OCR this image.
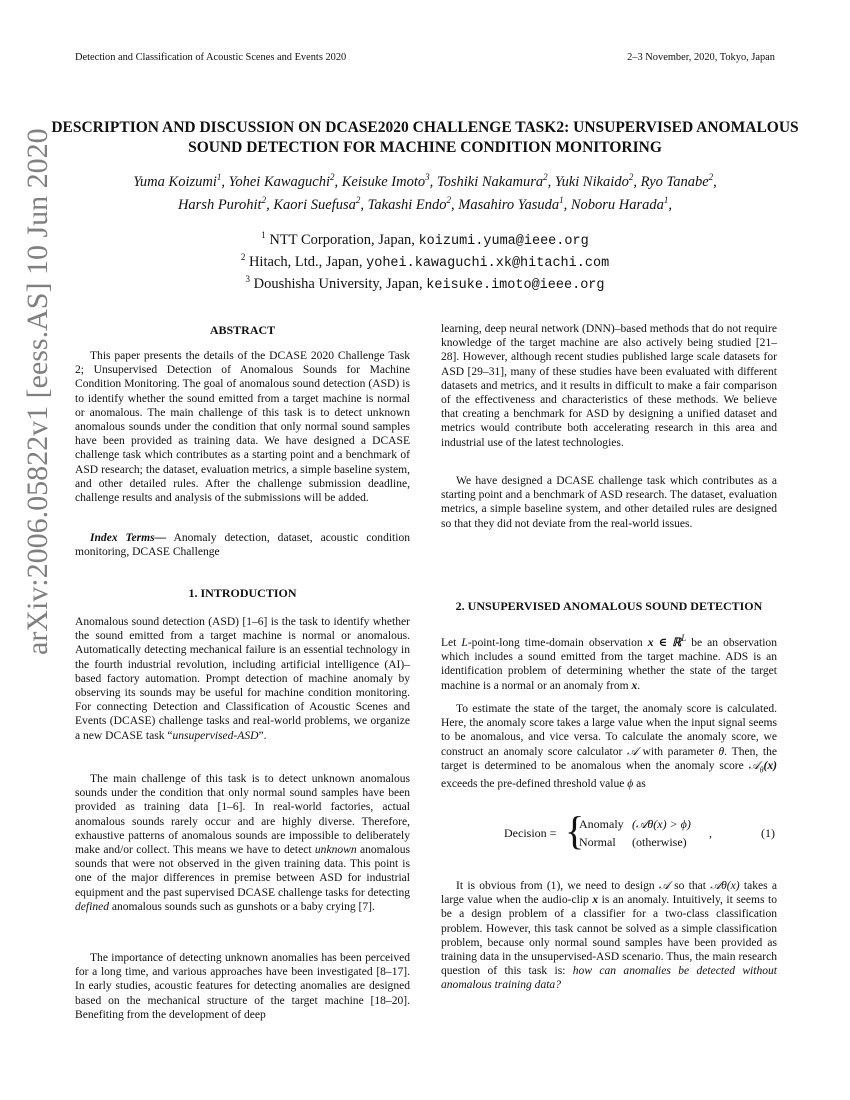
Detection and Classification of Acoustic Scenes and Events 2020	2–3 November, 2020, Tokyo, Japan
arXiv:2006.05822v1 [eess.AS] 10 Jun 2020
DESCRIPTION AND DISCUSSION ON DCASE2020 CHALLENGE TASK2: UNSUPERVISED ANOMALOUS SOUND DETECTION FOR MACHINE CONDITION MONITORING
Yuma Koizumi$^1$, Yohei Kawaguchi$^2$, Keisuke Imoto$^3$, Toshiki Nakamura$^2$, Yuki Nikaido$^2$, Ryo Tanabe$^2$,
Harsh Purohit$^2$, Kaori Suefusa$^2$, Takashi Endo$^2$, Masahiro Yasuda$^1$, Noboru Harada$^1$,
$^1$ NTT Corporation, Japan, koizumi.yuma@ieee.org
$^2$ Hitach, Ltd., Japan, yohei.kawaguchi.xk@hitachi.com
$^3$ Doushisha University, Japan, keisuke.imoto@ieee.org
ABSTRACT

This paper presents the details of the DCASE 2020 Challenge Task 2; Unsupervised Detection of Anomalous Sounds for Machine Condition Monitoring. The goal of anomalous sound detection (ASD) is to identify whether the sound emitted from a target machine is normal or anomalous. The main challenge of this task is to detect unknown anomalous sounds under the condition that only normal sound samples have been provided as training data. We have designed a DCASE challenge task which contributes as a starting point and a benchmark of ASD research; the dataset, evaluation metrics, a simple baseline system, and other detailed rules. After the challenge submission deadline, challenge results and analysis of the submissions will be added.

Index Terms— Anomaly detection, dataset, acoustic condition monitoring, DCASE Challenge

1. INTRODUCTION

Anomalous sound detection (ASD) [1–6] is the task to identify whether the sound emitted from a target machine is normal or anomalous. Automatically detecting mechanical failure is an essential technology in the fourth industrial revolution, including artificial intelligence (AI)–based factory automation. Prompt detection of machine anomaly by observing its sounds may be useful for machine condition monitoring. For connecting Detection and Classification of Acoustic Scenes and Events (DCASE) challenge tasks and real-world problems, we organize a new DCASE task “unsupervised-ASD”.

The main challenge of this task is to detect unknown anomalous sounds under the condition that only normal sound samples have been provided as training data [1–6]. In real-world factories, actual anomalous sounds rarely occur and are highly diverse. Therefore, exhaustive patterns of anomalous sounds are impossible to deliberately make and/or collect. This means we have to detect unknown anomalous sounds that were not observed in the given training data. This point is one of the major differences in premise between ASD for industrial equipment and the past supervised DCASE challenge tasks for detecting defined anomalous sounds such as gunshots or a baby crying [7].

The importance of detecting unknown anomalies has been perceived for a long time, and various approaches have been investigated [8–17]. In early studies, acoustic features for detecting anomalies are designed based on the mechanical structure of the target machine [18–20]. Benefiting from the development of deep

learning, deep neural network (DNN)–based methods that do not require knowledge of the target machine are also actively being studied [21–28]. However, although recent studies published large scale datasets for ASD [29–31], many of these studies have been evaluated with different datasets and metrics, and it results in difficult to make a fair comparison of the effectiveness and characteristics of these methods. We believe that creating a benchmark for ASD by designing a unified dataset and metrics would contribute both accelerating research in this area and industrial use of the latest technologies.

We have designed a DCASE challenge task which contributes as a starting point and a benchmark of ASD research. The dataset, evaluation metrics, a simple baseline system, and other detailed rules are designed so that they did not deviate from the real-world issues.

2. UNSUPERVISED ANOMALOUS SOUND DETECTION

Let L-point-long time-domain observation x ∈ ℝ$^L$ be an observation which includes a sound emitted from the target machine. ADS is an identification problem of determining whether the state of the target machine is a normal or an anomaly from x.

To estimate the state of the target, the anomaly score is calculated. Here, the anomaly score takes a large value when the input signal seems to be anomalous, and vice versa. To calculate the anomaly score, we construct an anomaly score calculator 𝒜 with parameter θ. Then, the target is determined to be anomalous when the anomaly score 𝒜$_\theta$(x) exceeds the pre-defined threshold value ϕ as

Decision = {
Anomaly (𝒜θ(x) > ϕ)
Normal (otherwise)
,	(1)

It is obvious from (1), we need to design 𝒜 so that 𝒜θ(x) takes a large value when the audio-clip x is an anomaly. Intuitively, it seems to be a design problem of a classifier for a two-class classification problem. However, this task cannot be solved as a simple classification problem, because only normal sound samples have been provided as training data in the unsupervised-ASD scenario. Thus, the main research question of this task is: how can anomalies be detected without anomalous training data?
